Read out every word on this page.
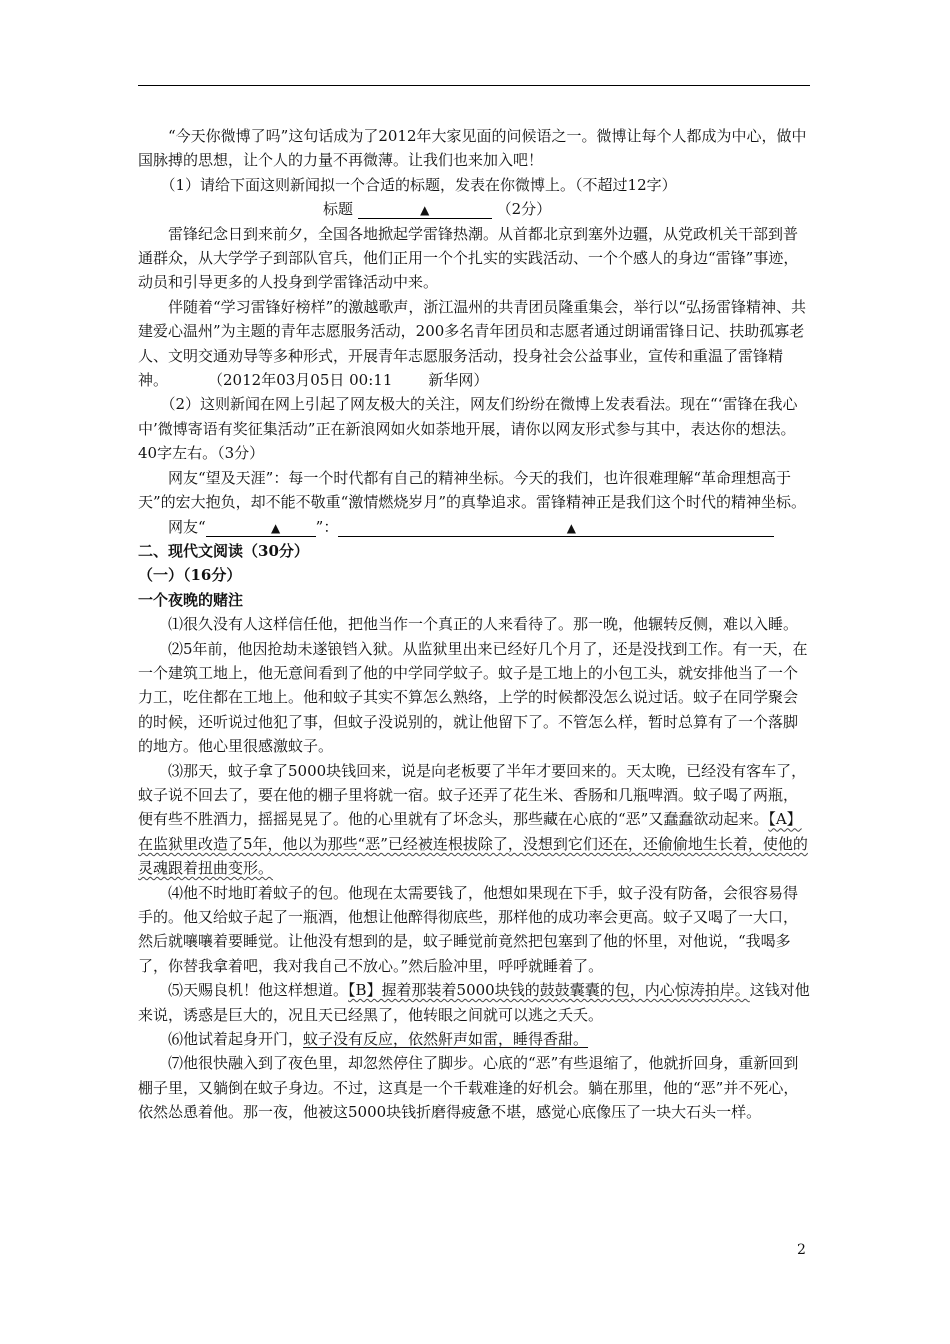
“今天你微博了吗”这句话成为了2012年大家见面的问候语之一。微博让每个人都成为中心，做中国脉搏的思想，让个人的力量不再微薄。让我们也来加入吧！

（1）请给下面这则新闻拟一个合适的标题，发表在你微博上。（不超过12字）

标题	▲	（2分）

雷锋纪念日到来前夕，全国各地掀起学雷锋热潮。从首都北京到塞外边疆，从党政机关干部到普通群众，从大学学子到部队官兵，他们正用一个个扎实的实践活动、一个个感人的身边“雷锋”事迹，动员和引导更多的人投身到学雷锋活动中来。

伴随着“学习雷锋好榜样”的激越歌声，浙江温州的共青团员隆重集会，举行以“弘扬雷锋精神、共建爱心温州”为主题的青年志愿服务活动，200多名青年团员和志愿者通过朗诵雷锋日记、扶助孤寡老人、文明交通劝导等多种形式，开展青年志愿服务活动，投身社会公益事业，宣传和重温了雷锋精神。	（2012年03月05日 00:11 新华网）

（2）这则新闻在网上引起了网友极大的关注，网友们纷纷在微博上发表看法。现在“‘雷锋在我心中’微博寄语有奖征集活动”正在新浪网如火如荼地开展，请你以网友形式参与其中，表达你的想法。40字左右。（3分）

网友“望及天涯”：每一个时代都有自己的精神坐标。今天的我们，也许很难理解“革命理想高于天”的宏大抱负，却不能不敬重“激情燃烧岁月”的真挚追求。雷锋精神正是我们这个时代的精神坐标。

网友“	▲ ”：	▲

二、现代文阅读（30分）

（一）（16分）

一个夜晚的赌注

⑴很久没有人这样信任他，把他当作一个真正的人来看待了。那一晚，他辗转反侧，难以入睡。

⑵5年前，他因抢劫未遂锒铛入狱。从监狱里出来已经好几个月了，还是没找到工作。有一天，在一个建筑工地上，他无意间看到了他的中学同学蚊子。蚊子是工地上的小包工头，就安排他当了一个力工，吃住都在工地上。他和蚊子其实不算怎么熟络，上学的时候都没怎么说过话。蚊子在同学聚会的时候，还听说过他犯了事，但蚊子没说别的，就让他留下了。不管怎么样，暂时总算有了一个落脚的地方。他心里很感激蚊子。

⑶那天，蚊子拿了5000块钱回来，说是向老板要了半年才要回来的。天太晚，已经没有客车了，蚊子说不回去了，要在他的棚子里将就一宿。蚊子还弄了花生米、香肠和几瓶啤酒。蚊子喝了两瓶，便有些不胜酒力，摇摇晃晃了。他的心里就有了坏念头，那些藏在心底的“恶”又蠢蠢欲动起来。【A】在监狱里改造了5年，他以为那些“恶”已经被连根拔除了，没想到它们还在，还偷偷地生长着，使他的灵魂跟着扭曲变形。

⑷他不时地盯着蚊子的包。他现在太需要钱了，他想如果现在下手，蚊子没有防备，会很容易得手的。他又给蚊子起了一瓶酒，他想让他醉得彻底些，那样他的成功率会更高。蚊子又喝了一大口，然后就嚷嚷着要睡觉。让他没有想到的是，蚊子睡觉前竟然把包塞到了他的怀里，对他说，“我喝多了，你替我拿着吧，我对我自己不放心。”然后脸冲里，呼呼就睡着了。

⑸天赐良机！他这样想道。【B】握着那装着5000块钱的鼓鼓囊囊的包，内心惊涛拍岸。这钱对他来说，诱惑是巨大的，况且天已经黑了，他转眼之间就可以逃之夭夭。

⑹他试着起身开门，蚊子没有反应，依然鼾声如雷，睡得香甜。

⑺他很快融入到了夜色里，却忽然停住了脚步。心底的“恶”有些退缩了，他就折回身，重新回到棚子里，又躺倒在蚊子身边。不过，这真是一个千载难逢的好机会。躺在那里，他的“恶”并不死心，依然怂恿着他。那一夜，他被这5000块钱折磨得疲惫不堪，感觉心底像压了一块大石头一样。

2
